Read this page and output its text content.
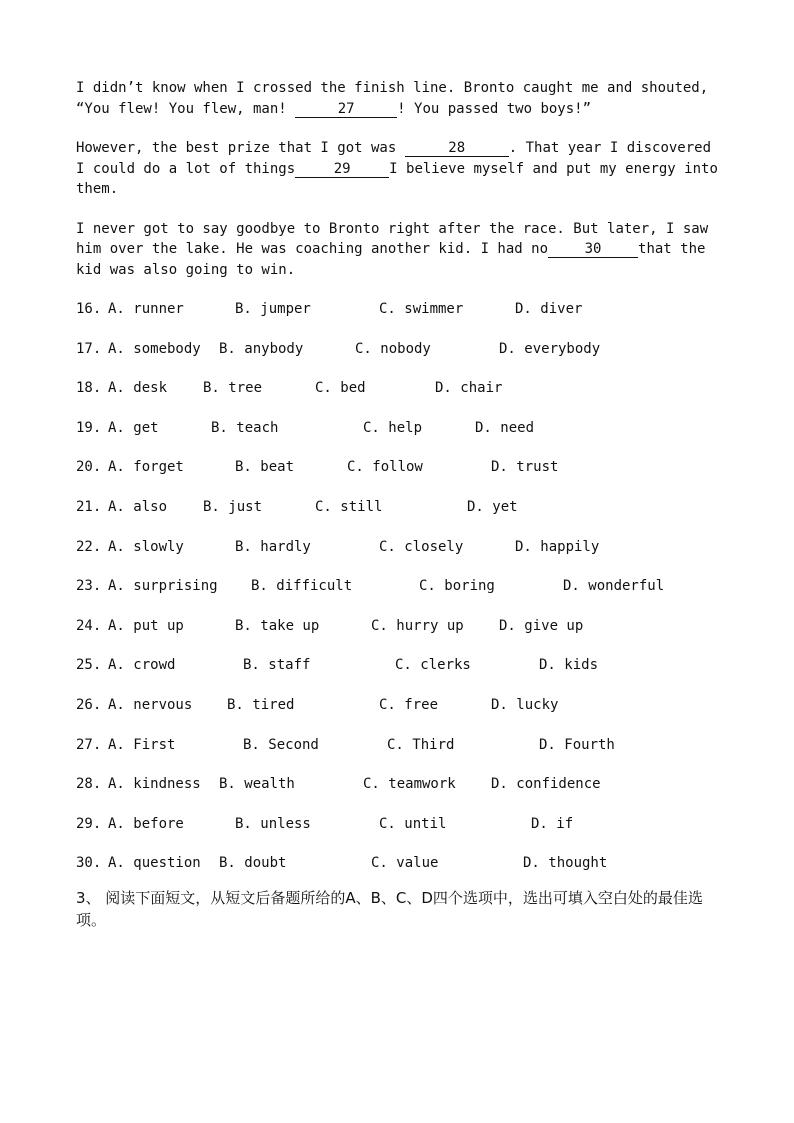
I didn’t know when I crossed the finish line. Bronto caught me and shouted, “You flew! You flew, man!	27	! You passed two boys!”

However, the best prize that I got was	28	. That year I discovered I could do a lot of things	29	I believe myself and put my energy into them.

I never got to say goodbye to Bronto right after the race. But later, I saw him over the lake. He was coaching another kid. I had no	30	that the kid was also going to win.

16. A. runner	B. jumper	C. swimmer	D. diver
17. A. somebody B. anybody	C. nobody	D. everybody
18. A. desk	B. tree	C. bed	D. chair
19. A. get	B. teach	C. help	D. need
20. A. forget	B. beat	C. follow	D. trust
21. A. also	B. just	C. still	D. yet
22. A. slowly	B. hardly	C. closely	D. happily
23. A. surprising B. difficult	C. boring	D. wonderful
24. A. put up	B. take up	C. hurry up	D. give up
25. A. crowd	B. staff	C. clerks	D. kids
26. A. nervous B. tired	C. free	D. lucky
27. A. First	B. Second	C. Third	D. Fourth
28. A. kindness B. wealth	C. teamwork	D. confidence
29. A. before	B. unless	C. until	D. if
30. A. question B. doubt	C. value	D. thought
3、 阅读下面短文，从短文后备题所给的A、B、C、D四个选项中，选出可填入空白处的最佳选项。
